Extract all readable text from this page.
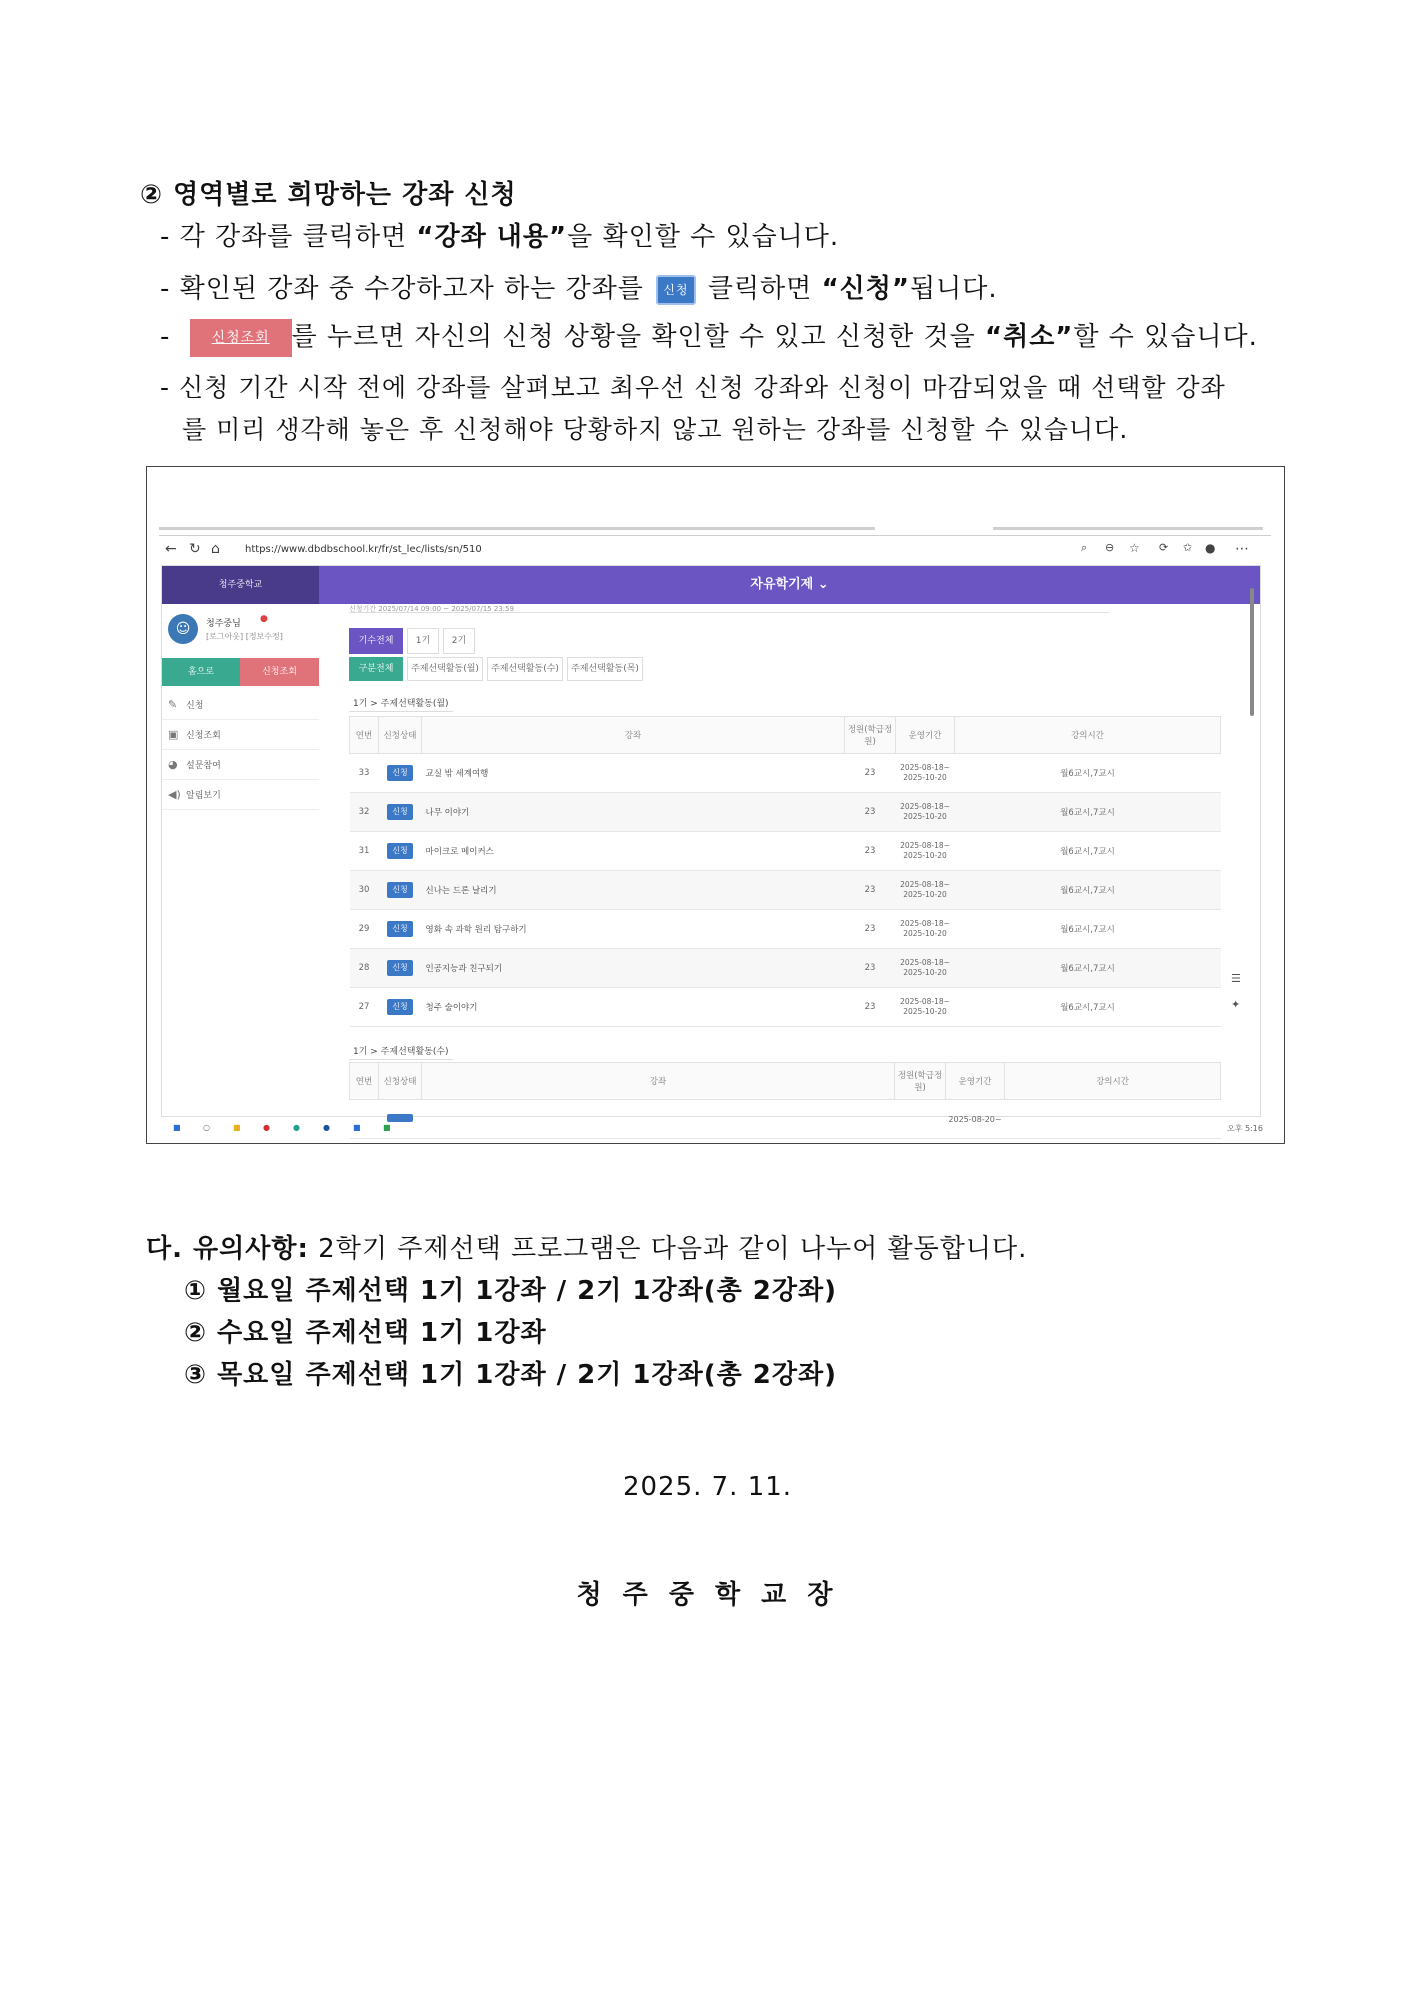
② 영역별로 희망하는 강좌 신청
- 각 강좌를 클릭하면 “강좌 내용”을 확인할 수 있습니다.
- 확인된 강좌 중 수강하고자 하는 강좌를 신청 클릭하면 “신청”됩니다.
-	신청조회 를 누르면 자신의 신청 상황을 확인할 수 있고 신청한 것을 “취소”할 수 있습니다.
- 신청 기간 시작 전에 강좌를 살펴보고 최우선 신청 강좌와 신청이 마감되었을 때 선택할 강좌
를 미리 생각해 놓은 후 신청해야 당황하지 않고 원하는 강좌를 신청할 수 있습니다.
← ↻ ⌂	https://www.dbdbschool.kr/fr/st_lec/lists/sn/510	⌕ ⊖ ☆ ⟳ ✩ ● ⋯
청주중학교	자유학기제 ⌄
☺	청주중님 ●
[로그아웃] [정보수정]
홈으로	신청조회
✎ 신청
▣ 신청조회
◕ 설문참여
◀) 알림보기
신청기간 2025/07/14 09:00 ~ 2025/07/15 23:59
기수전체	1기	2기
구분전체	주제선택활동(월)	주제선택활동(수)	주제선택활동(목)
1기 > 주제선택활동(월)
연번	신청상태	강좌	정원(학급정원)	운영기간	강의시간
33	신청	교실 밖 세계여행	23	2025-08-18~
2025-10-20	월6교시,7교시
32	신청	나무 이야기	23	2025-08-18~
2025-10-20	월6교시,7교시
31	신청	마이크로 메이커스	23	2025-08-18~
2025-10-20	월6교시,7교시
30	신청	신나는 드론 날리기	23	2025-08-18~
2025-10-20	월6교시,7교시
29	신청	영화 속 과학 원리 탐구하기	23	2025-08-18~
2025-10-20	월6교시,7교시
28	신청	인공지능과 친구되기	23	2025-08-18~
2025-10-20	월6교시,7교시
27	신청	청주 술이야기	23	2025-08-18~
2025-10-20	월6교시,7교시
1기 > 주제선택활동(수)
연번	신청상태	강좌	정원(학급정원)	운영기간	강의시간
				2025-08-20~	
☰
✦
■	○	■	●	●	●	■	■	오후 5:16
다. 유의사항: 2학기 주제선택 프로그램은 다음과 같이 나누어 활동합니다.
① 월요일 주제선택 1기 1강좌 / 2기 1강좌(총 2강좌)
② 수요일 주제선택 1기 1강좌
③ 목요일 주제선택 1기 1강좌 / 2기 1강좌(총 2강좌)
2025. 7. 11.
청 주 중 학 교 장
